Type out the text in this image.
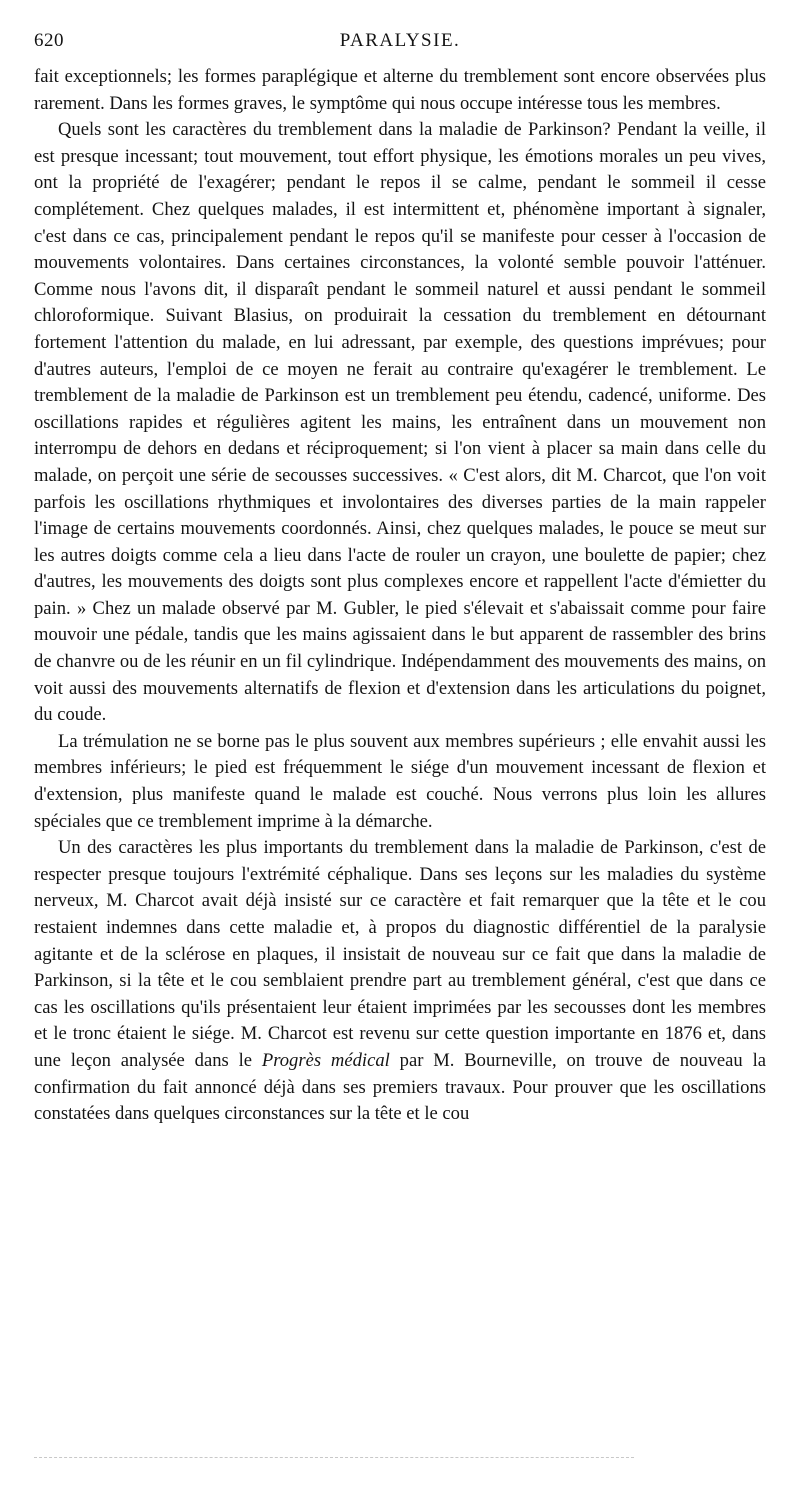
620	PARALYSIE.

fait exceptionnels; les formes paraplégique et alterne du tremblement sont encore observées plus rarement. Dans les formes graves, le symptôme qui nous occupe intéresse tous les membres.

Quels sont les caractères du tremblement dans la maladie de Parkinson? Pendant la veille, il est presque incessant; tout mouvement, tout effort physique, les émotions morales un peu vives, ont la propriété de l'exagérer; pendant le repos il se calme, pendant le sommeil il cesse complétement. Chez quelques malades, il est intermittent et, phénomène important à signaler, c'est dans ce cas, principalement pendant le repos qu'il se manifeste pour cesser à l'occasion de mouvements volontaires. Dans certaines circonstances, la volonté semble pouvoir l'atténuer. Comme nous l'avons dit, il disparaît pendant le sommeil naturel et aussi pendant le sommeil chloroformique. Suivant Blasius, on produirait la cessation du tremblement en détournant fortement l'attention du malade, en lui adressant, par exemple, des questions imprévues; pour d'autres auteurs, l'emploi de ce moyen ne ferait au contraire qu'exagérer le tremblement. Le tremblement de la maladie de Parkinson est un tremblement peu étendu, cadencé, uniforme. Des oscillations rapides et régulières agitent les mains, les entraînent dans un mouvement non interrompu de dehors en dedans et réciproquement; si l'on vient à placer sa main dans celle du malade, on perçoit une série de secousses successives. « C'est alors, dit M. Charcot, que l'on voit parfois les oscillations rhythmiques et involontaires des diverses parties de la main rappeler l'image de certains mouvements coordonnés. Ainsi, chez quelques malades, le pouce se meut sur les autres doigts comme cela a lieu dans l'acte de rouler un crayon, une boulette de papier; chez d'autres, les mouvements des doigts sont plus complexes encore et rappellent l'acte d'émietter du pain. » Chez un malade observé par M. Gubler, le pied s'élevait et s'abaissait comme pour faire mouvoir une pédale, tandis que les mains agissaient dans le but apparent de rassembler des brins de chanvre ou de les réunir en un fil cylindrique. Indépendamment des mouvements des mains, on voit aussi des mouvements alternatifs de flexion et d'extension dans les articulations du poignet, du coude.

La trémulation ne se borne pas le plus souvent aux membres supérieurs ; elle envahit aussi les membres inférieurs; le pied est fréquemment le siége d'un mouvement incessant de flexion et d'extension, plus manifeste quand le malade est couché. Nous verrons plus loin les allures spéciales que ce tremblement imprime à la démarche.

Un des caractères les plus importants du tremblement dans la maladie de Parkinson, c'est de respecter presque toujours l'extrémité céphalique. Dans ses leçons sur les maladies du système nerveux, M. Charcot avait déjà insisté sur ce caractère et fait remarquer que la tête et le cou restaient indemnes dans cette maladie et, à propos du diagnostic différentiel de la paralysie agitante et de la sclérose en plaques, il insistait de nouveau sur ce fait que dans la maladie de Parkinson, si la tête et le cou semblaient prendre part au tremblement général, c'est que dans ce cas les oscillations qu'ils présentaient leur étaient imprimées par les secousses dont les membres et le tronc étaient le siége. M. Charcot est revenu sur cette question importante en 1876 et, dans une leçon analysée dans le Progrès médical par M. Bourneville, on trouve de nouveau la confirmation du fait annoncé déjà dans ses premiers travaux. Pour prouver que les oscillations constatées dans quelques circonstances sur la tête et le cou
